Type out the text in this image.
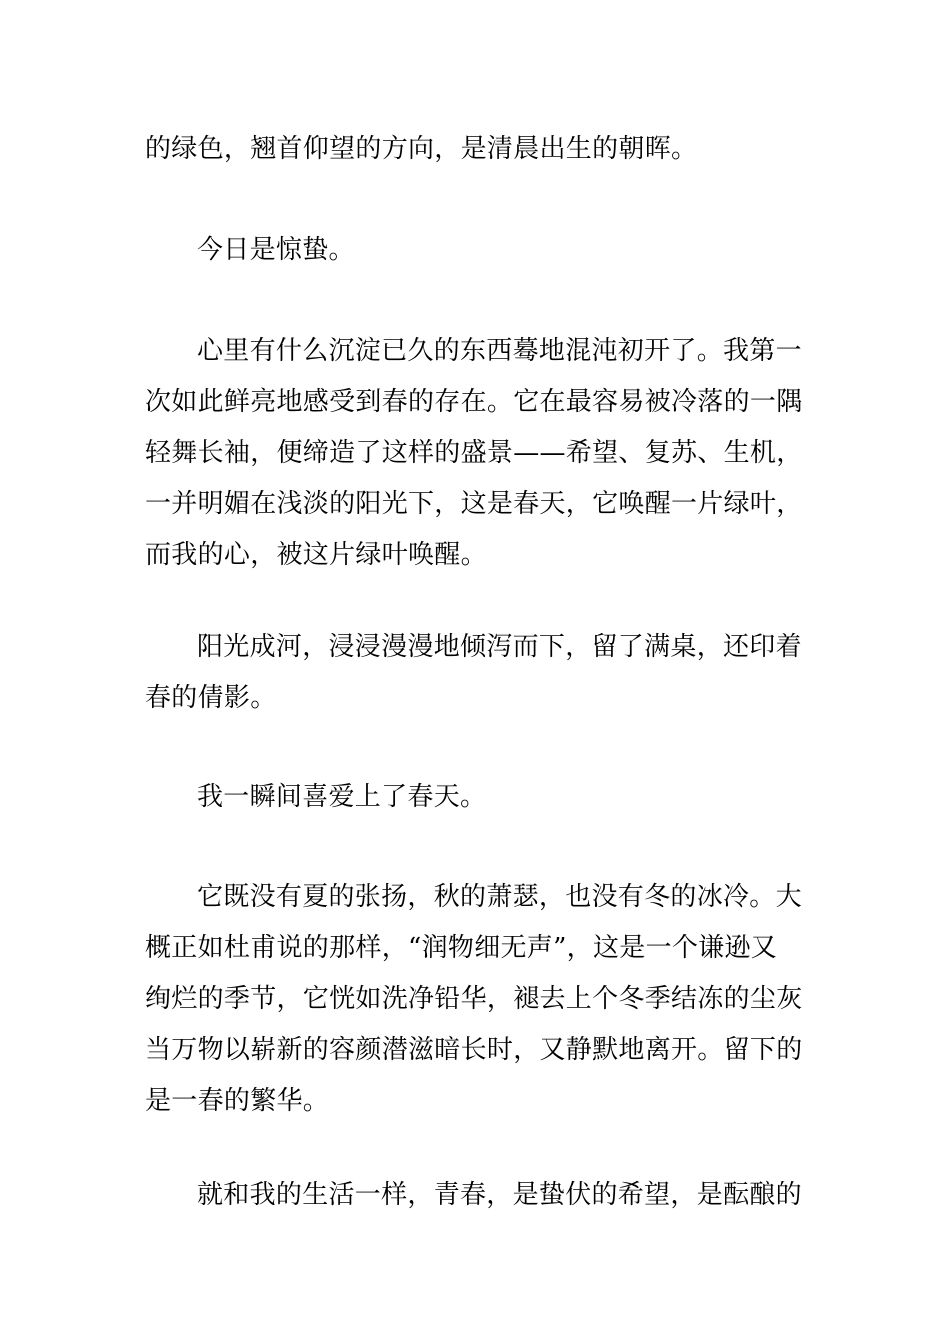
的绿色，翘首仰望的方向，是清晨出生的朝晖。

今日是惊蛰。

心里有什么沉淀已久的东西蓦地混沌初开了。我第一
次如此鲜亮地感受到春的存在。它在最容易被冷落的一隅
轻舞长袖，便缔造了这样的盛景——希望、复苏、生机，
一并明媚在浅淡的阳光下，这是春天，它唤醒一片绿叶，
而我的心，被这片绿叶唤醒。

阳光成河，浸浸漫漫地倾泻而下，留了满桌，还印着
春的倩影。

我一瞬间喜爱上了春天。

它既没有夏的张扬，秋的萧瑟，也没有冬的冰冷。大
概正如杜甫说的那样，“润物细无声”，这是一个谦逊又
绚烂的季节，它恍如洗净铅华，褪去上个冬季结冻的尘灰
当万物以崭新的容颜潜滋暗长时，又静默地离开。留下的
是一春的繁华。

就和我的生活一样，青春，是蛰伏的希望，是酝酿的
